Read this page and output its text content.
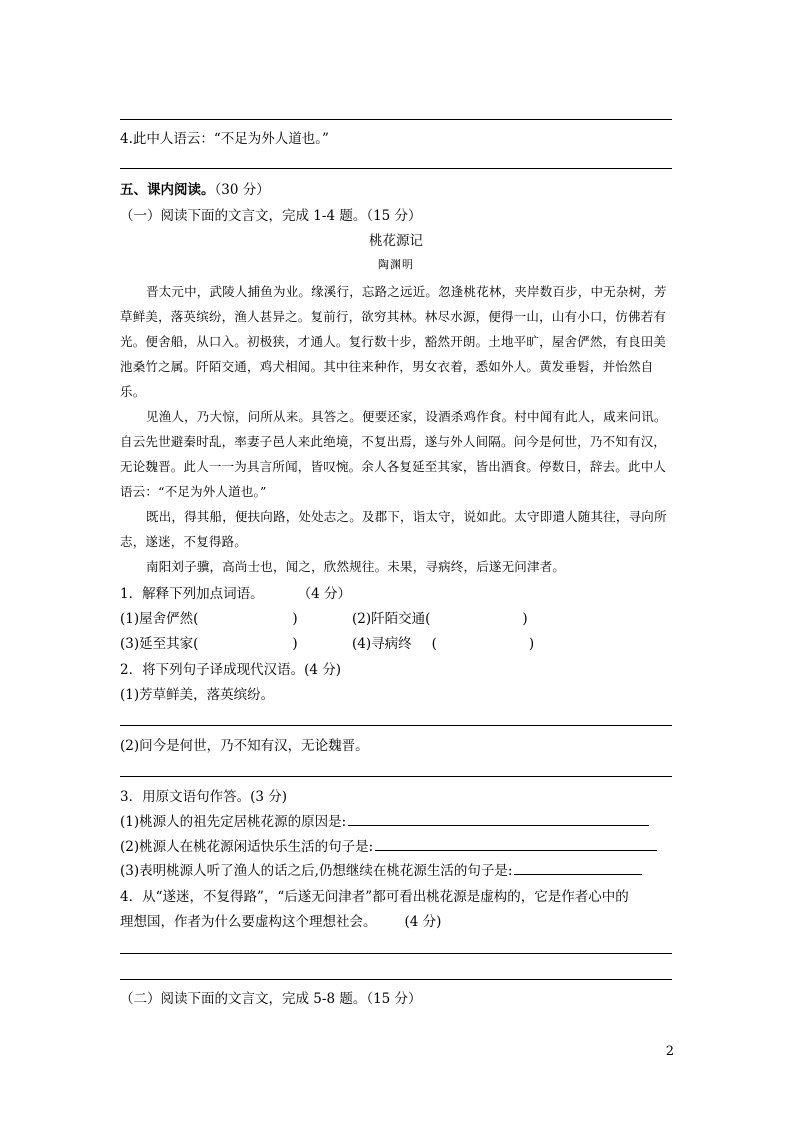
4.此中人语云：“不足为外人道也。”
五、课内阅读。（30 分）
（一）阅读下面的文言文，完成 1-4 题。（15 分）
桃花源记
陶渊明

晋太元中，武陵人捕鱼为业。缘溪行，忘路之远近。忽逢桃花林，夹岸数百步，中无杂树，芳草鲜美，落英缤纷，渔人甚异之。复前行，欲穷其林。林尽水源，便得一山，山有小口，仿佛若有光。便舍船，从口入。初极狭，才通人。复行数十步，豁然开朗。土地平旷，屋舍俨然，有良田美池桑竹之属。阡陌交通，鸡犬相闻。其中往来种作，男女衣着，悉如外人。黄发垂髫，并怡然自乐。

见渔人，乃大惊，问所从来。具答之。便要还家，设酒杀鸡作食。村中闻有此人，咸来问讯。自云先世避秦时乱，率妻子邑人来此绝境，不复出焉，遂与外人间隔。问今是何世，乃不知有汉，无论魏晋。此人一一为具言所闻，皆叹惋。余人各复延至其家，皆出酒食。停数日，辞去。此中人语云：“不足为外人道也。”

既出，得其船，便扶向路，处处志之。及郡下，诣太守，说如此。太守即遣人随其往，寻向所志，遂迷，不复得路。

南阳刘子骥，高尚士也，闻之，欣然规往。未果，寻病终，后遂无问津者。

1．解释下列加点词语。	（4 分）
(1)屋舍俨然(	)	(2)阡陌交通(	)
(3)延至其家(	)	(4)寻病终 (	)
2．将下列句子译成现代汉语。(4 分)
(1)芳草鲜美，落英缤纷。
(2)问今是何世，乃不知有汉，无论魏晋。
3．用原文语句作答。(3 分)
(1)桃源人的祖先定居桃花源的原因是:
(2)桃源人在桃花源闲适快乐生活的句子是:
(3)表明桃源人听了渔人的话之后,仍想继续在桃花源生活的句子是:
4．从“遂迷，不复得路”，“后遂无问津者”都可看出桃花源是虚构的，它是作者心中的
理想国，作者为什么要虚构这个理想社会。 (4 分)
（二）阅读下面的文言文，完成 5-8 题。（15 分）
2
